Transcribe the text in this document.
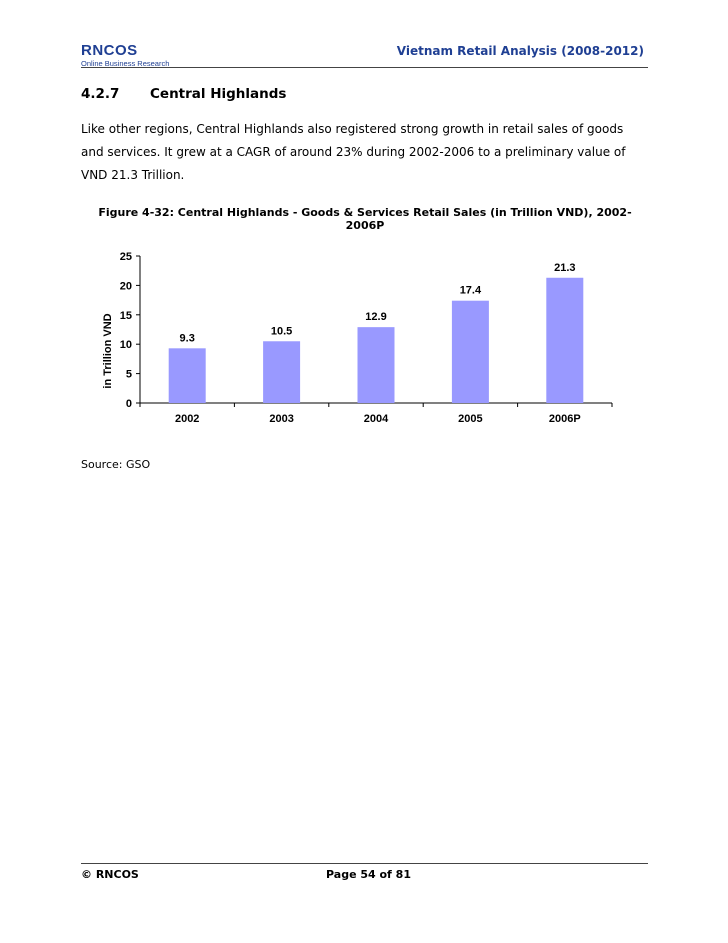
RNCOS
Online Business Research
Vietnam Retail Analysis (2008-2012)
4.2.7 Central Highlands

Like other regions, Central Highlands also registered strong growth in retail sales of goods and services. It grew at a CAGR of around 23% during 2002-2006 to a preliminary value of VND 21.3 Trillion.

Figure 4-32: Central Highlands - Goods & Services Retail Sales (in Trillion VND), 2002-2006P
in Trillion VND
0
5
10
15
20
25
2002	2003	2004	2005	2006P
9.3
10.5
12.9
17.4
21.3
Source: GSO
© RNCOS	Page 54 of 81
